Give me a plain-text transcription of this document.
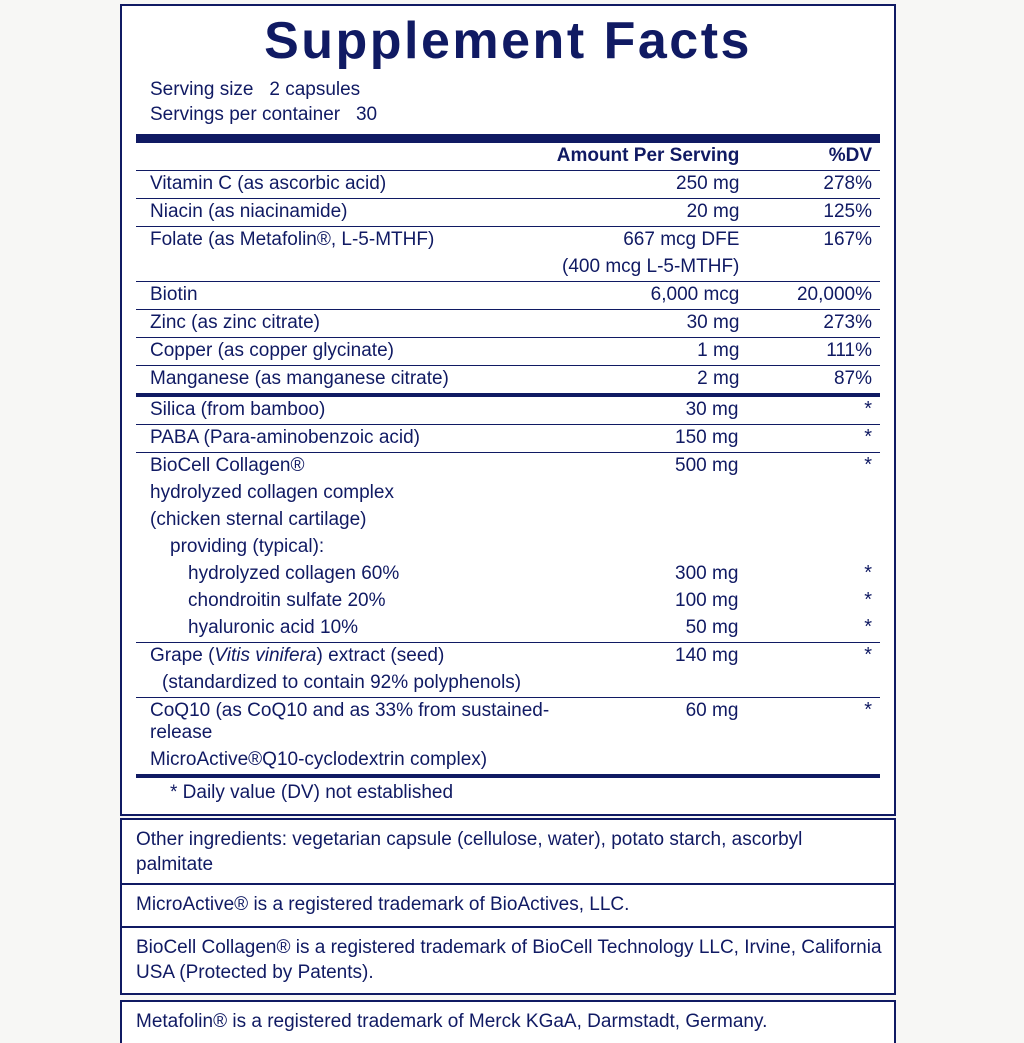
Supplement Facts
Serving size 2 capsules
Servings per container 30
	Amount Per Serving	%DV
Vitamin C (as ascorbic acid)	250 mg	278%
Niacin (as niacinamide)	20 mg	125%
Folate (as Metafolin®, L-5-MTHF)	667 mcg DFE	167%
	(400 mcg L-5-MTHF)	
Biotin	6,000 mcg	20,000%
Zinc (as zinc citrate)	30 mg	273%
Copper (as copper glycinate)	1 mg	111%
Manganese (as manganese citrate)	2 mg	87%
Silica (from bamboo)	30 mg	*
PABA (Para-aminobenzoic acid)	150 mg	*
BioCell Collagen®	500 mg	*
hydrolyzed collagen complex		
(chicken sternal cartilage)		
providing (typical):		
hydrolyzed collagen 60%	300 mg	*
chondroitin sulfate 20%	100 mg	*
hyaluronic acid 10%	50 mg	*
Grape (Vitis vinifera) extract (seed)	140 mg	*
(standardized to contain 92% polyphenols)		
CoQ10 (as CoQ10 and as 33% from sustained-release	60 mg	*
MicroActive®Q10-cyclodextrin complex)		
* Daily value (DV) not established
Other ingredients: vegetarian capsule (cellulose, water), potato starch, ascorbyl palmitate
MicroActive® is a registered trademark of BioActives, LLC.
BioCell Collagen® is a registered trademark of BioCell Technology LLC, Irvine, California USA (Protected by Patents).
Metafolin® is a registered trademark of Merck KGaA, Darmstadt, Germany.
